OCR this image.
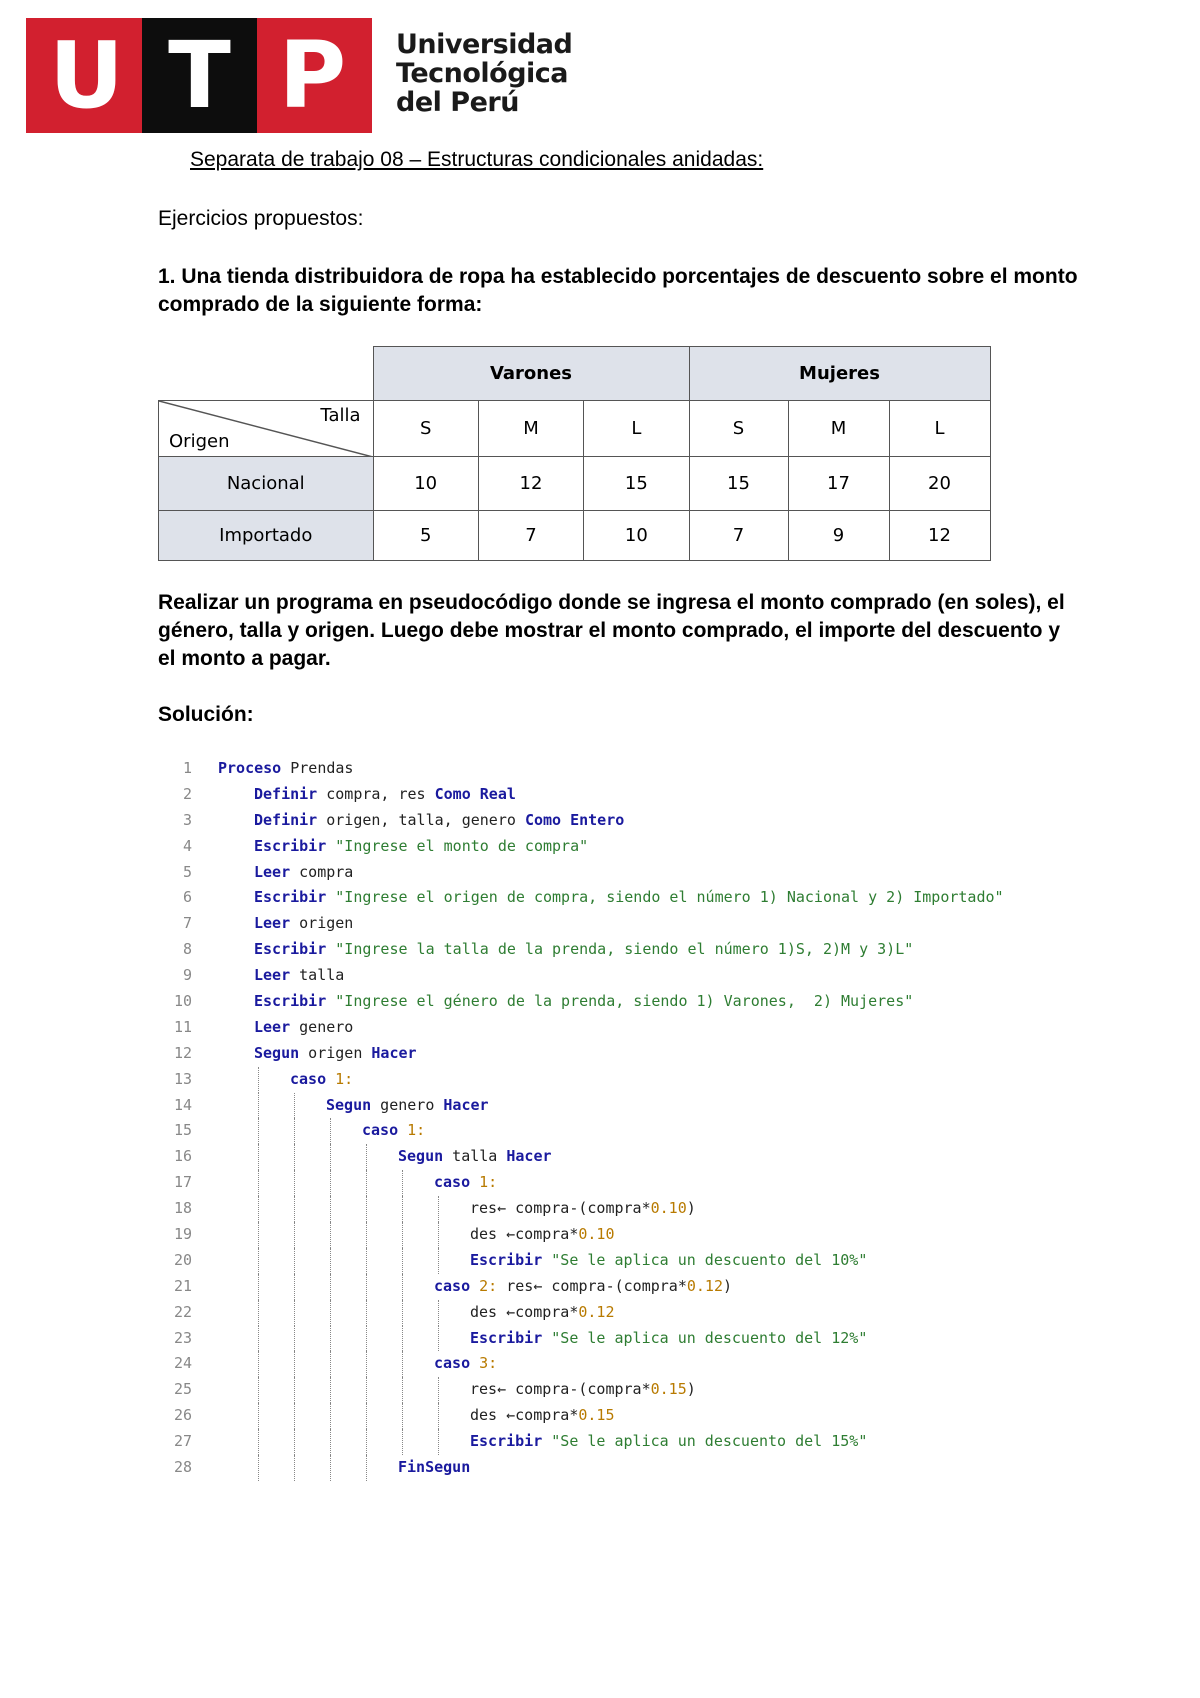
U T P	Universidad
Tecnológica
del Perú
Separata de trabajo 08 – Estructuras condicionales anidadas:
Ejercicios propuestos:

1. Una tienda distribuidora de ropa ha establecido porcentajes de descuento sobre el monto comprado de la siguiente forma:

	Varones			Mujeres		

Talla
Origen	S	M	L	S	M	L
Nacional	10	12	15	15	17	20
Importado	5	7	10	7	9	12

Realizar un programa en pseudocódigo donde se ingresa el monto comprado (en soles), el género, talla y origen. Luego debe mostrar el monto comprado, el importe del descuento y el monto a pagar.

Solución:
1 Proceso Prendas
2	Definir compra, res Como Real
3	Definir origen, talla, genero Como Entero
4	Escribir "Ingrese el monto de compra"
5	Leer compra
6	Escribir "Ingrese el origen de compra, siendo el número 1) Nacional y 2) Importado"
7	Leer origen
8	Escribir "Ingrese la talla de la prenda, siendo el número 1)S, 2)M y 3)L"
9	Leer talla
10	Escribir "Ingrese el género de la prenda, siendo 1) Varones,  2) Mujeres"
11	Leer genero
12	Segun origen Hacer
13	caso 1:
14	Segun genero Hacer
15	caso 1:
16	Segun talla Hacer
17	caso 1:
18	res← compra-(compra*0.10)
19	des ←compra*0.10
20	Escribir "Se le aplica un descuento del 10%"
21	caso 2: res← compra-(compra*0.12)
22	des ←compra*0.12
23	Escribir "Se le aplica un descuento del 12%"
24	caso 3:
25	res← compra-(compra*0.15)
26	des ←compra*0.15
27	Escribir "Se le aplica un descuento del 15%"
28	FinSegun
